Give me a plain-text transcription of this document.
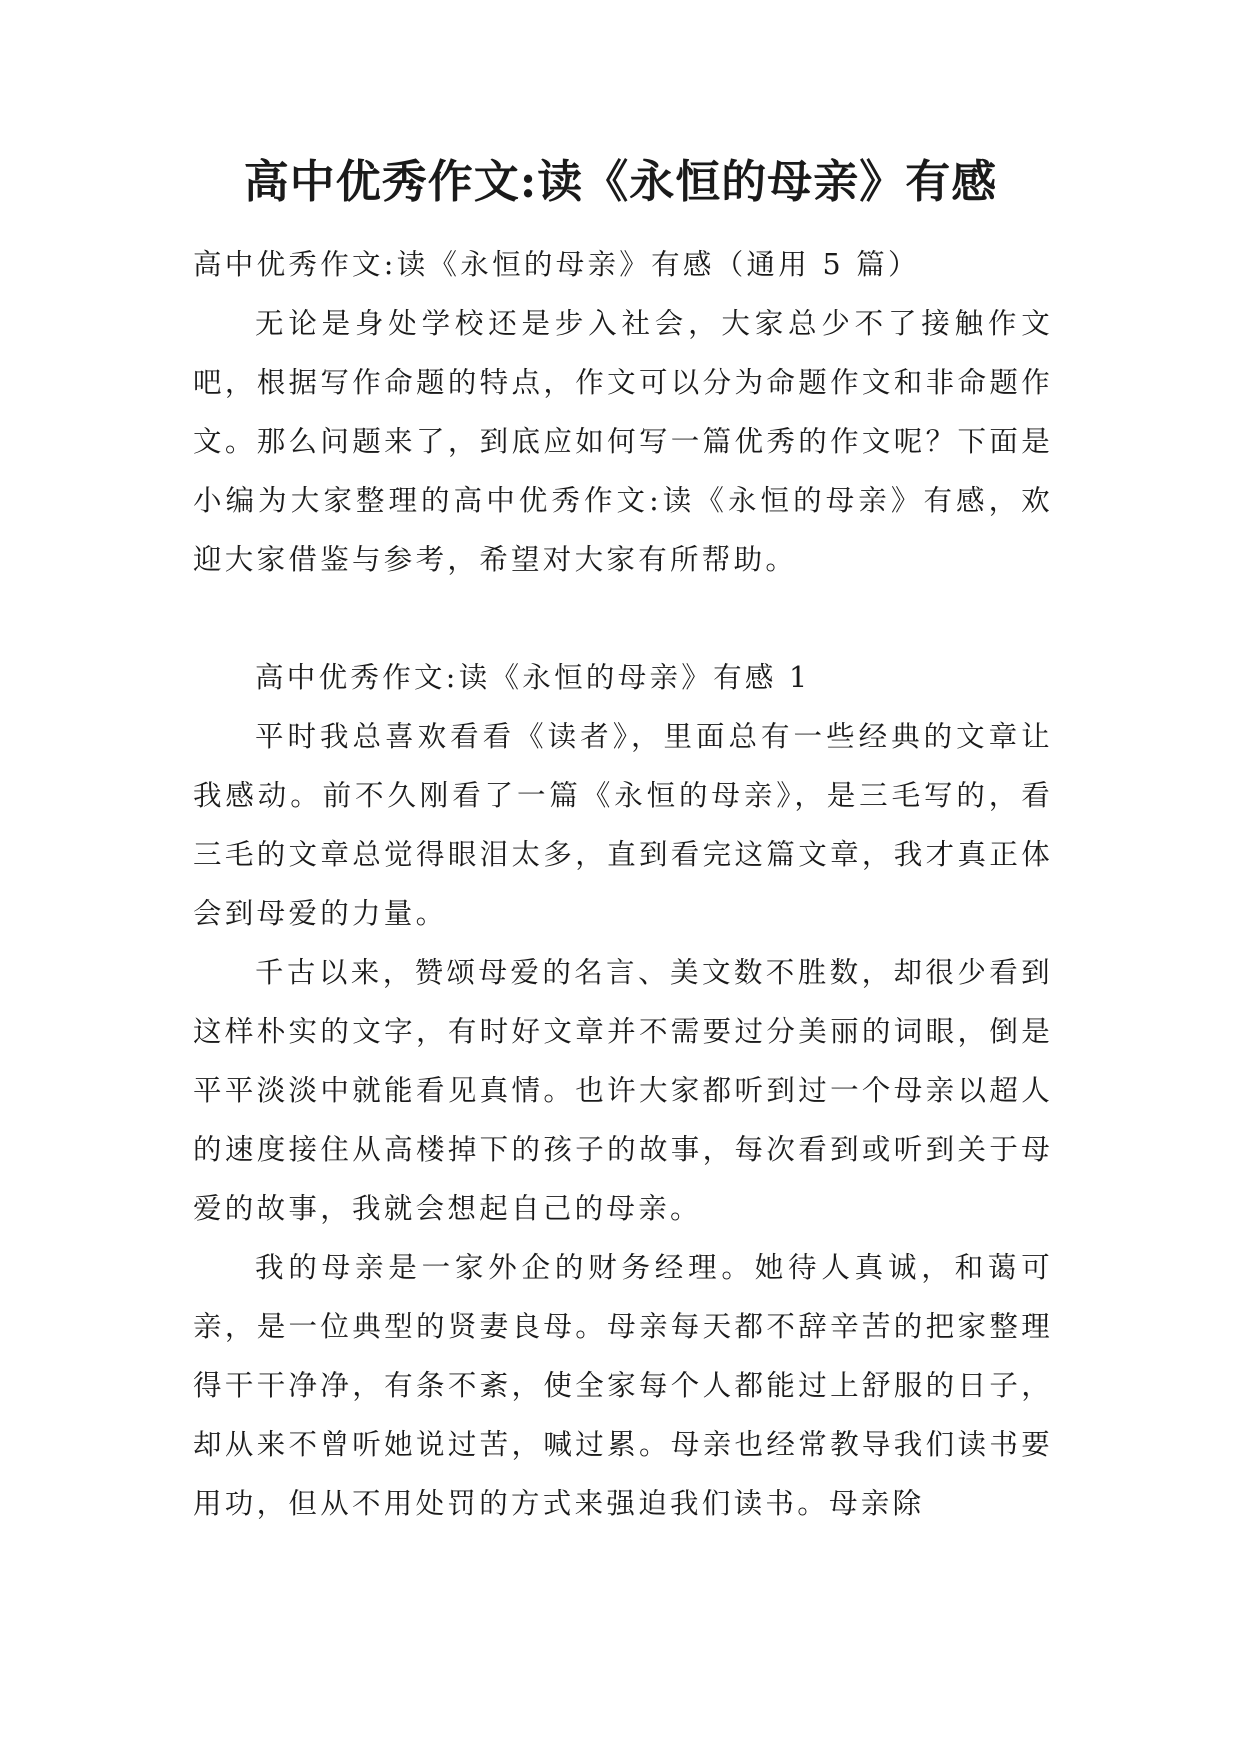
高中优秀作文:读《永恒的母亲》有感

高中优秀作文:读《永恒的母亲》有感（通用 5 篇）

无论是身处学校还是步入社会，大家总少不了接触作文吧，根据写作命题的特点，作文可以分为命题作文和非命题作文。那么问题来了，到底应如何写一篇优秀的作文呢？下面是小编为大家整理的高中优秀作文:读《永恒的母亲》有感，欢迎大家借鉴与参考，希望对大家有所帮助。

高中优秀作文:读《永恒的母亲》有感 1

平时我总喜欢看看《读者》，里面总有一些经典的文章让我感动。前不久刚看了一篇《永恒的母亲》，是三毛写的，看三毛的文章总觉得眼泪太多，直到看完这篇文章，我才真正体会到母爱的力量。

千古以来，赞颂母爱的名言、美文数不胜数，却很少看到这样朴实的文字，有时好文章并不需要过分美丽的词眼，倒是平平淡淡中就能看见真情。也许大家都听到过一个母亲以超人的速度接住从高楼掉下的孩子的故事，每次看到或听到关于母爱的故事，我就会想起自己的母亲。

我的母亲是一家外企的财务经理。她待人真诚，和蔼可亲，是一位典型的贤妻良母。母亲每天都不辞辛苦的把家整理得干干净净，有条不紊，使全家每个人都能过上舒服的日子，却从来不曾听她说过苦，喊过累。母亲也经常教导我们读书要用功，但从不用处罚的方式来强迫我们读书。母亲除
